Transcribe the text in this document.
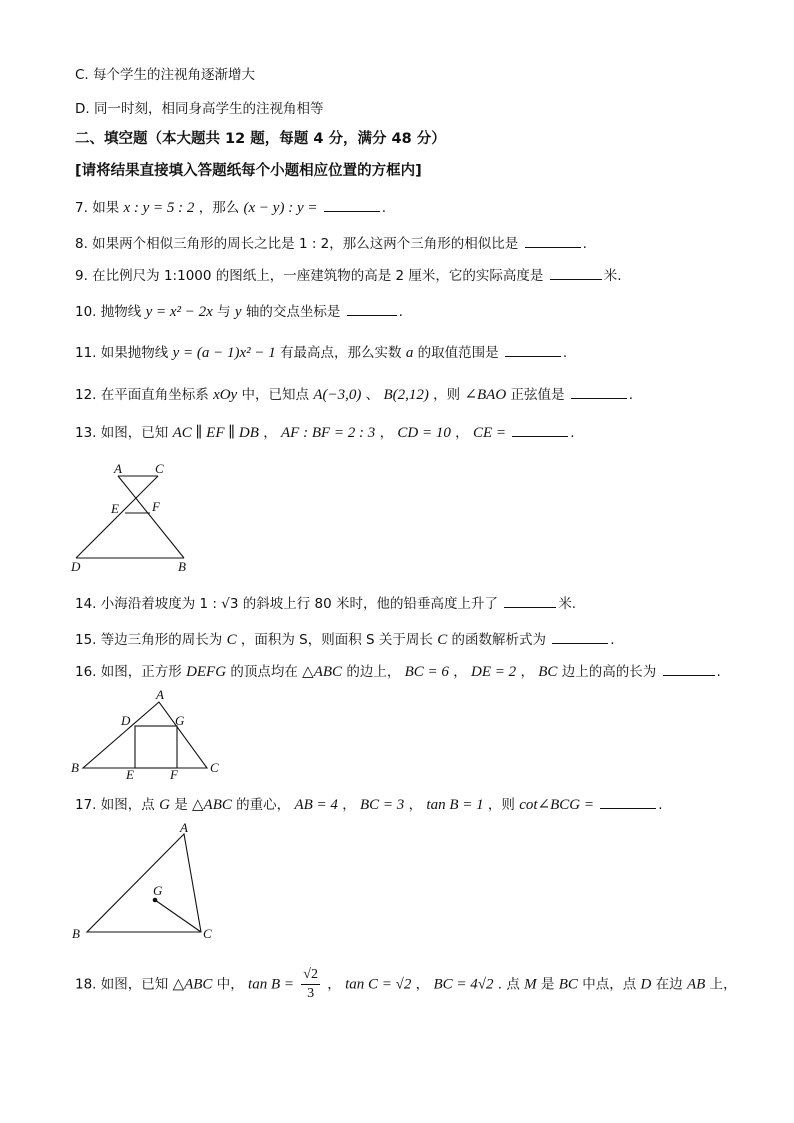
C. 每个学生的注视角逐渐增大
D. 同一时刻，相同身高学生的注视角相等
二、填空题（本大题共 12 题，每题 4 分，满分 48 分）
[请将结果直接填入答题纸每个小题相应位置的方框内]
7. 如果 x : y = 5 : 2 ，那么 (x − y) : y =	.
8. 如果两个相似三角形的周长之比是 1 : 2，那么这两个三角形的相似比是	.
9. 在比例尺为 1:1000 的图纸上，一座建筑物的高是 2 厘米，它的实际高度是	米.
10. 抛物线 y = x² − 2x 与 y 轴的交点坐标是	.
11. 如果抛物线 y = (a − 1)x² − 1 有最高点，那么实数 a 的取值范围是	.
12. 在平面直角坐标系 xOy 中，已知点 A(−3,0) 、 B(2,12) ，则 ∠BAO 正弦值是	.
13. 如图，已知 AC ∥ EF ∥ DB ， AF : BF = 2 : 3 ， CD = 10 ， CE =	.
A	C
E	F
D	B
14. 小海沿着坡度为 1 : √3 的斜坡上行 80 米时，他的铅垂高度上升了	米.
15. 等边三角形的周长为 C ，面积为 S，则面积 S 关于周长 C 的函数解析式为	.
16. 如图，正方形 DEFG 的顶点均在 △ABC 的边上， BC = 6 ， DE = 2 ， BC 边上的高的长为	.
A
D	G
B	E	F C
17. 如图，点 G 是 △ABC 的重心， AB = 4 ， BC = 3 ， tan B = 1 ，则 cot∠BCG =	.
A
G
B	C
18. 如图，已知 △ABC 中， $\tan B = \frac{√2}{3}$ ， tan C = √2 ， BC = 4√2 . 点 M 是 BC 中点，点 D 在边 AB 上，
